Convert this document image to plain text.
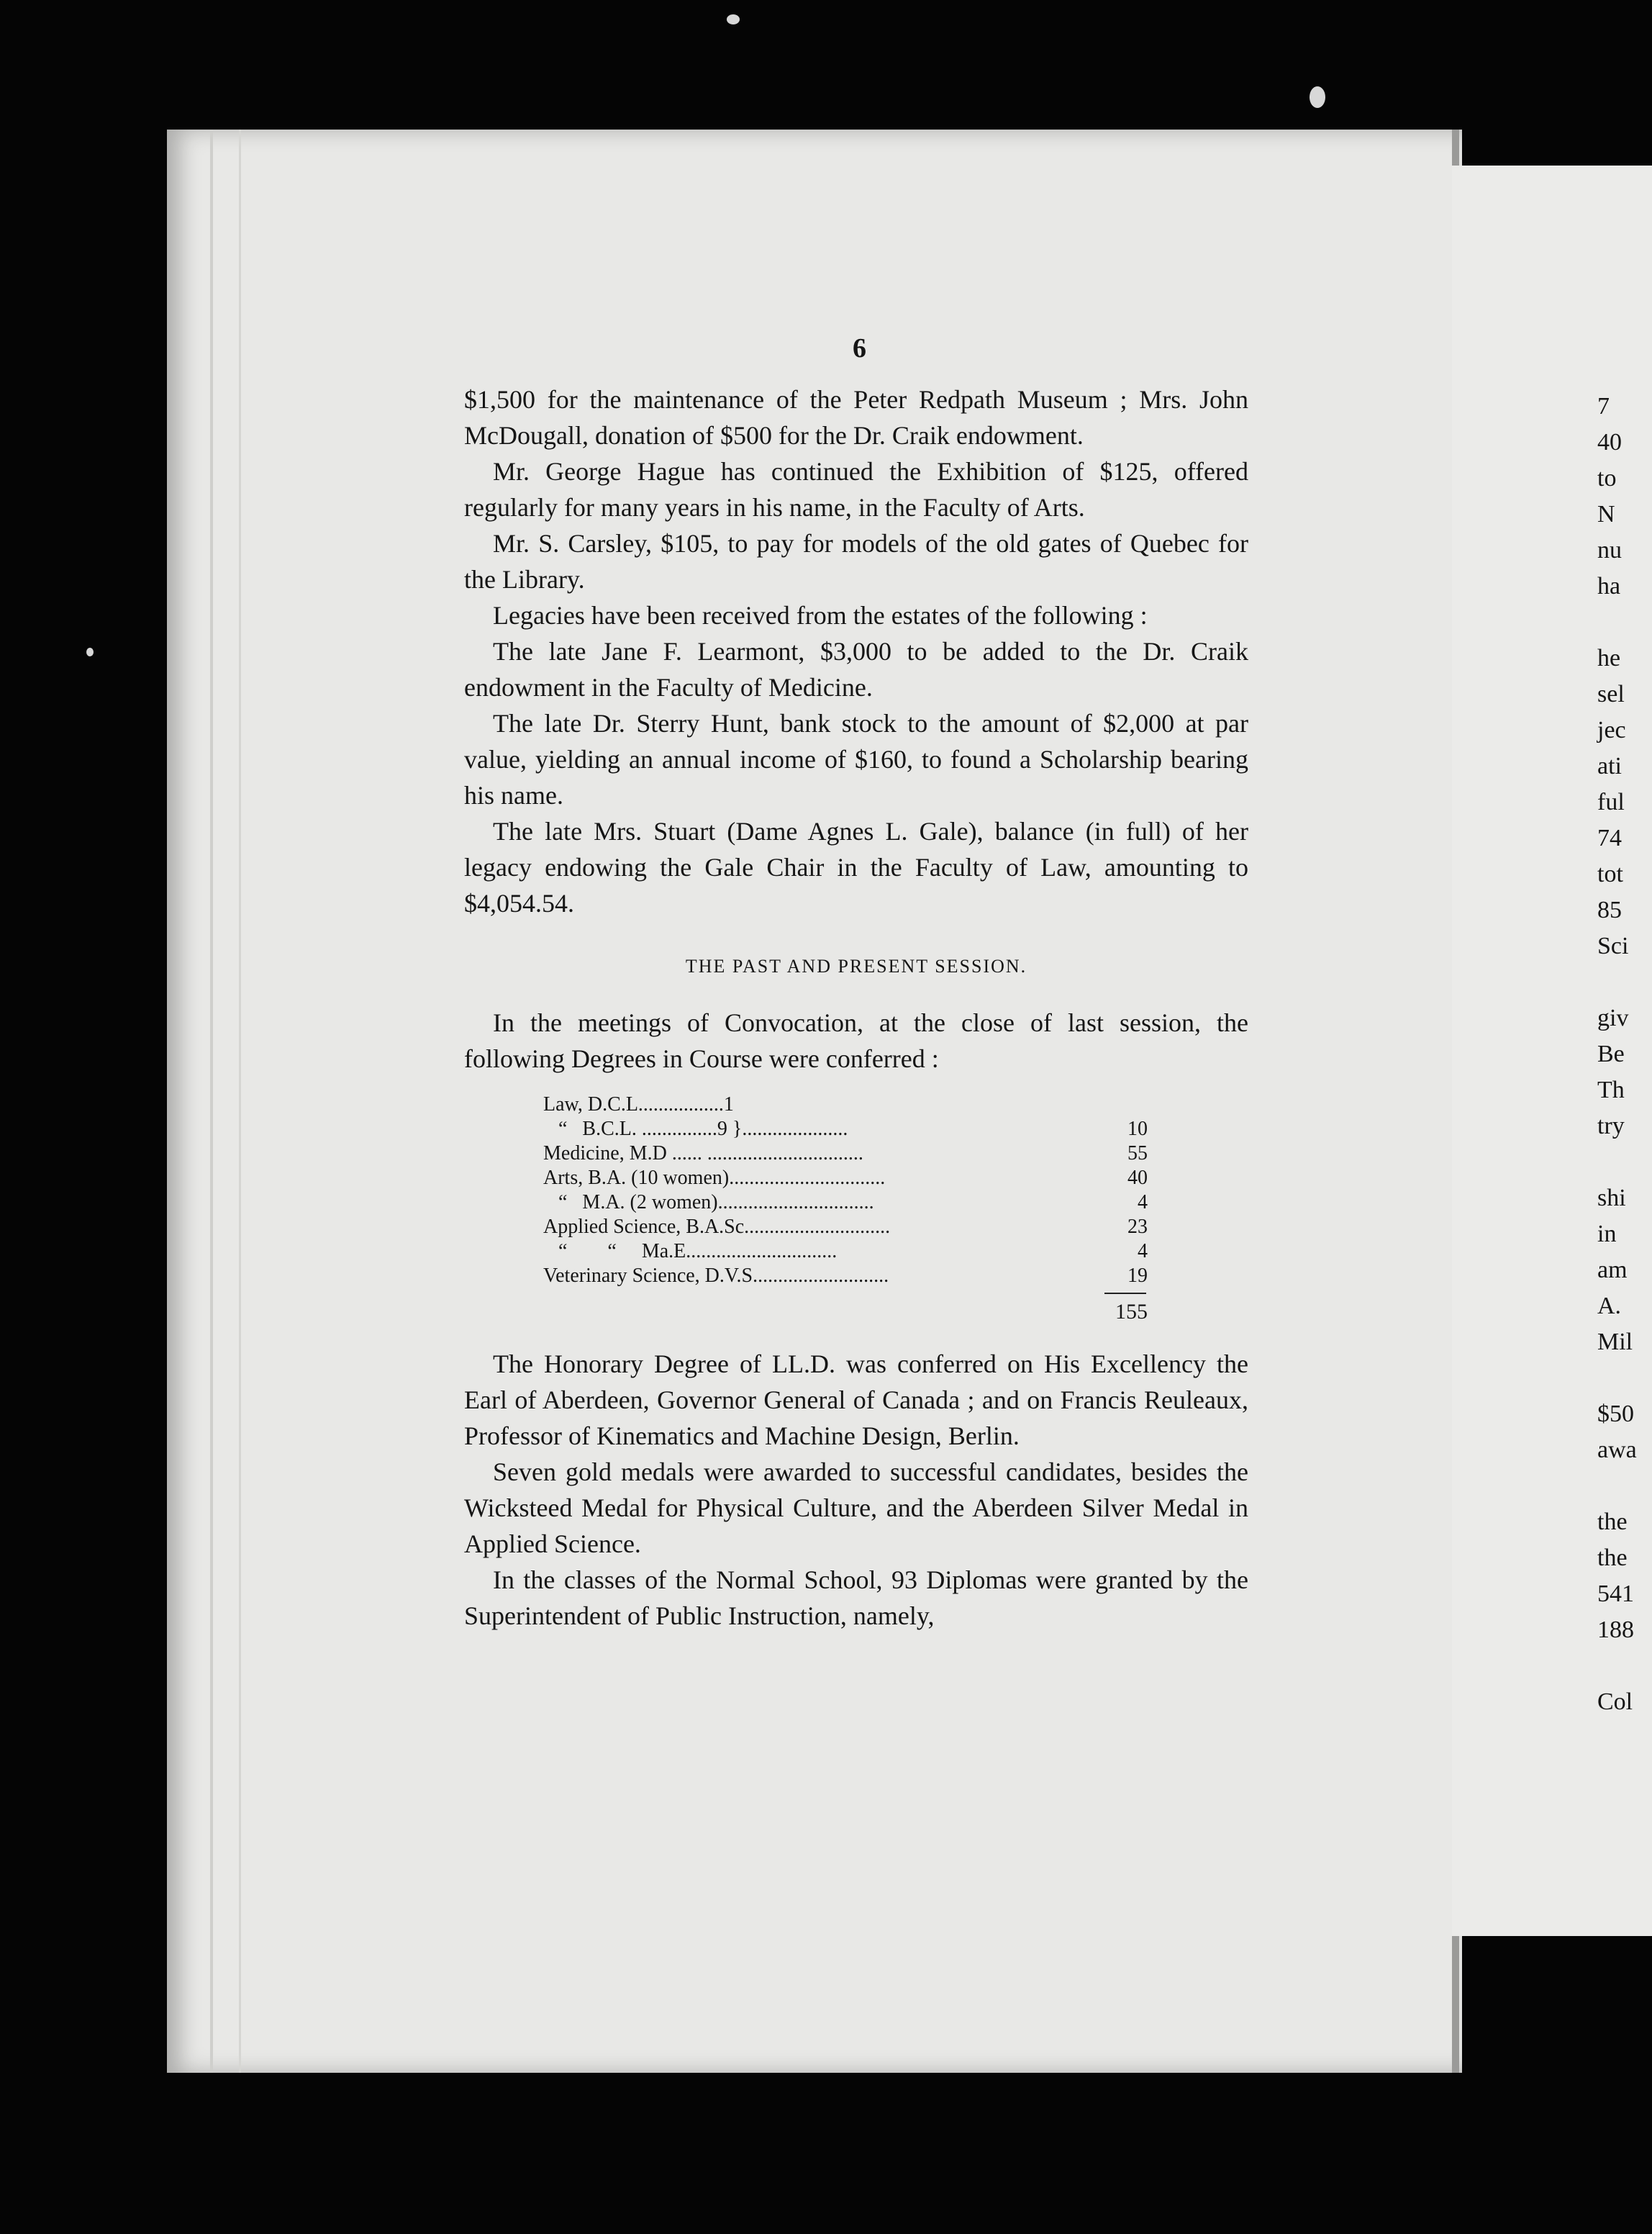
6

$1,500 for the maintenance of the Peter Redpath Museum ; Mrs. John McDougall, donation of $500 for the Dr. Craik endowment.

Mr. George Hague has continued the Exhibition of $125, offered regularly for many years in his name, in the Faculty of Arts.

Mr. S. Carsley, $105, to pay for models of the old gates of Quebec for the Library.

Legacies have been received from the estates of the following :

The late Jane F. Learmont, $3,000 to be added to the Dr. Craik endowment in the Faculty of Medicine.

The late Dr. Sterry Hunt, bank stock to the amount of $2,000 at par value, yielding an annual income of $160, to found a Scholarship bearing his name.

The late Mrs. Stuart (Dame Agnes L. Gale), balance (in full) of her legacy endowing the Gale Chair in the Faculty of Law, amounting to $4,054.54.

THE PAST AND PRESENT SESSION.

In the meetings of Convocation, at the close of last session, the following Degrees in Course were conferred :

Law, D.C.L.................1

“   B.C.L. ...............9 }.....................	10
Medicine, M.D ...... ...............................	55
Arts, B.A. (10 women)...............................	40
“   M.A. (2 women)...............................	4
Applied Science, B.A.Sc.............................	23
“        “     Ma.E..............................	4
Veterinary Science, D.V.S...........................	19
155

The Honorary Degree of LL.D. was conferred on His Excellency the Earl of Aberdeen, Governor General of Canada ; and on Francis Reuleaux, Professor of Kinematics and Machine Design, Berlin.

Seven gold medals were awarded to successful candidates, besides the Wicksteed Medal for Physical Culture, and the Aberdeen Silver Medal in Applied Science.

In the classes of the Normal School, 93 Diplomas were granted by the Superintendent of Public Instruction, namely,

7
40
to
N
nu
ha

he
sel
jec
ati
ful
74
tot
85
Sci

giv
Be
Th
try

shi
in
am
A.
Mil

$50
awa

the
the
541
188

Col
